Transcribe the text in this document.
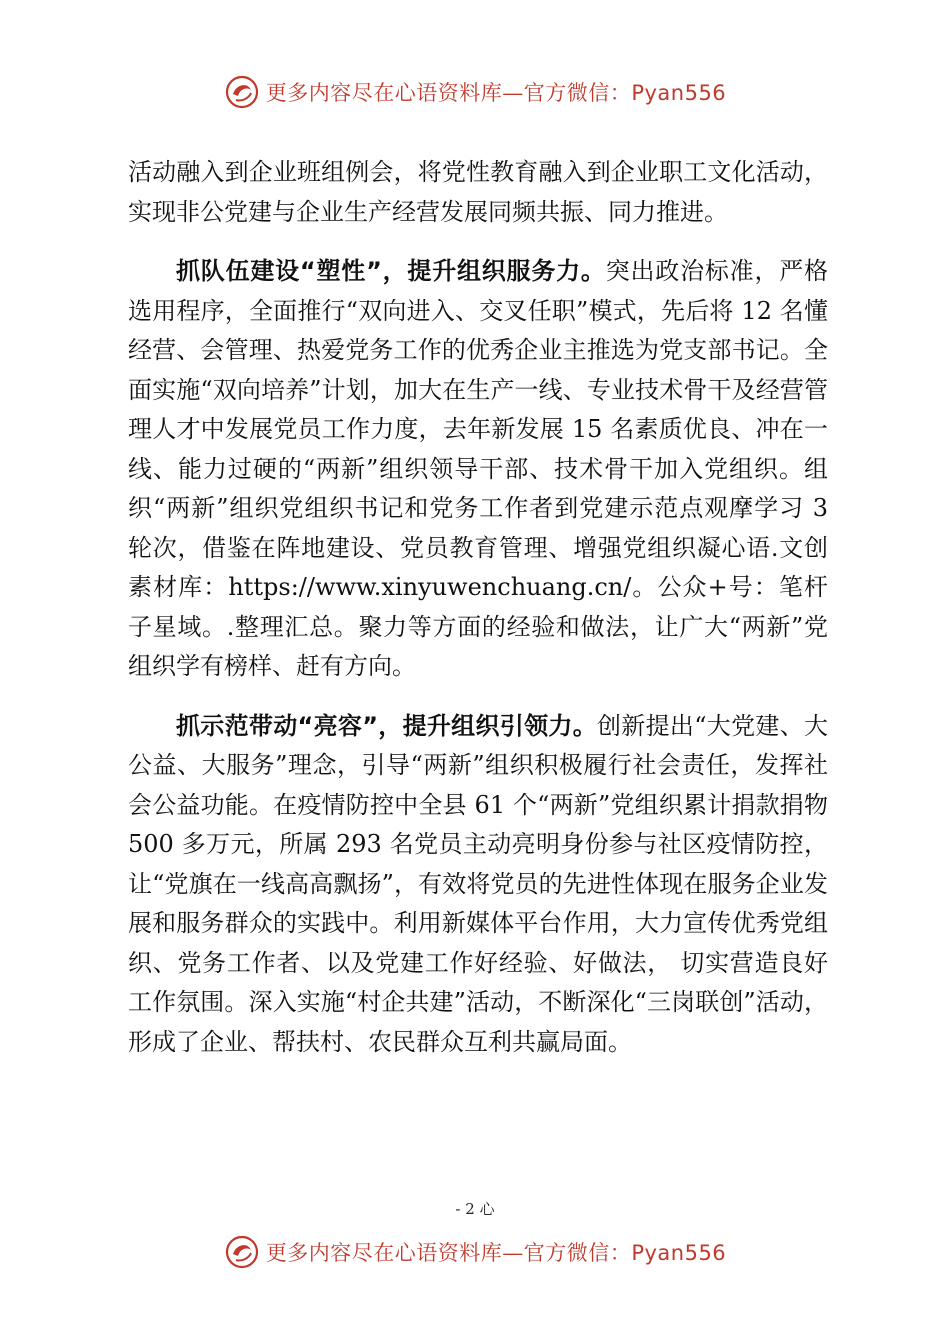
更多内容尽在心语资料库—官方微信：Pyan556

活动融入到企业班组例会，将党性教育融入到企业职工文化活动，实现非公党建与企业生产经营发展同频共振、同力推进。

抓队伍建设“塑性”，提升组织服务力。突出政治标准，严格选用程序，全面推行“双向进入、交叉任职”模式，先后将 12 名懂经营、会管理、热爱党务工作的优秀企业主推选为党支部书记。全面实施“双向培养”计划，加大在生产一线、专业技术骨干及经营管理人才中发展党员工作力度，去年新发展 15 名素质优良、冲在一线、能力过硬的“两新”组织领导干部、技术骨干加入党组织。组织“两新”组织党组织书记和党务工作者到党建示范点观摩学习 3 轮次，借鉴在阵地建设、党员教育管理、增强党组织凝心语.文创素材库：https://www.xinyuwenchuang.cn/。公众+号：笔杆子星域。.整理汇总。聚力等方面的经验和做法，让广大“两新”党组织学有榜样、赶有方向。

抓示范带动“亮容”，提升组织引领力。创新提出“大党建、大公益、大服务”理念，引导“两新”组织积极履行社会责任，发挥社会公益功能。在疫情防控中全县 61 个“两新”党组织累计捐款捐物 500 多万元，所属 293 名党员主动亮明身份参与社区疫情防控，让“党旗在一线高高飘扬”，有效将党员的先进性体现在服务企业发展和服务群众的实践中。利用新媒体平台作用，大力宣传优秀党组织、党务工作者、以及党建工作好经验、好做法， 切实营造良好工作氛围。深入实施“村企共建”活动，不断深化“三岗联创”活动，形成了企业、帮扶村、农民群众互利共赢局面。

- 2 心
更多内容尽在心语资料库—官方微信：Pyan556
